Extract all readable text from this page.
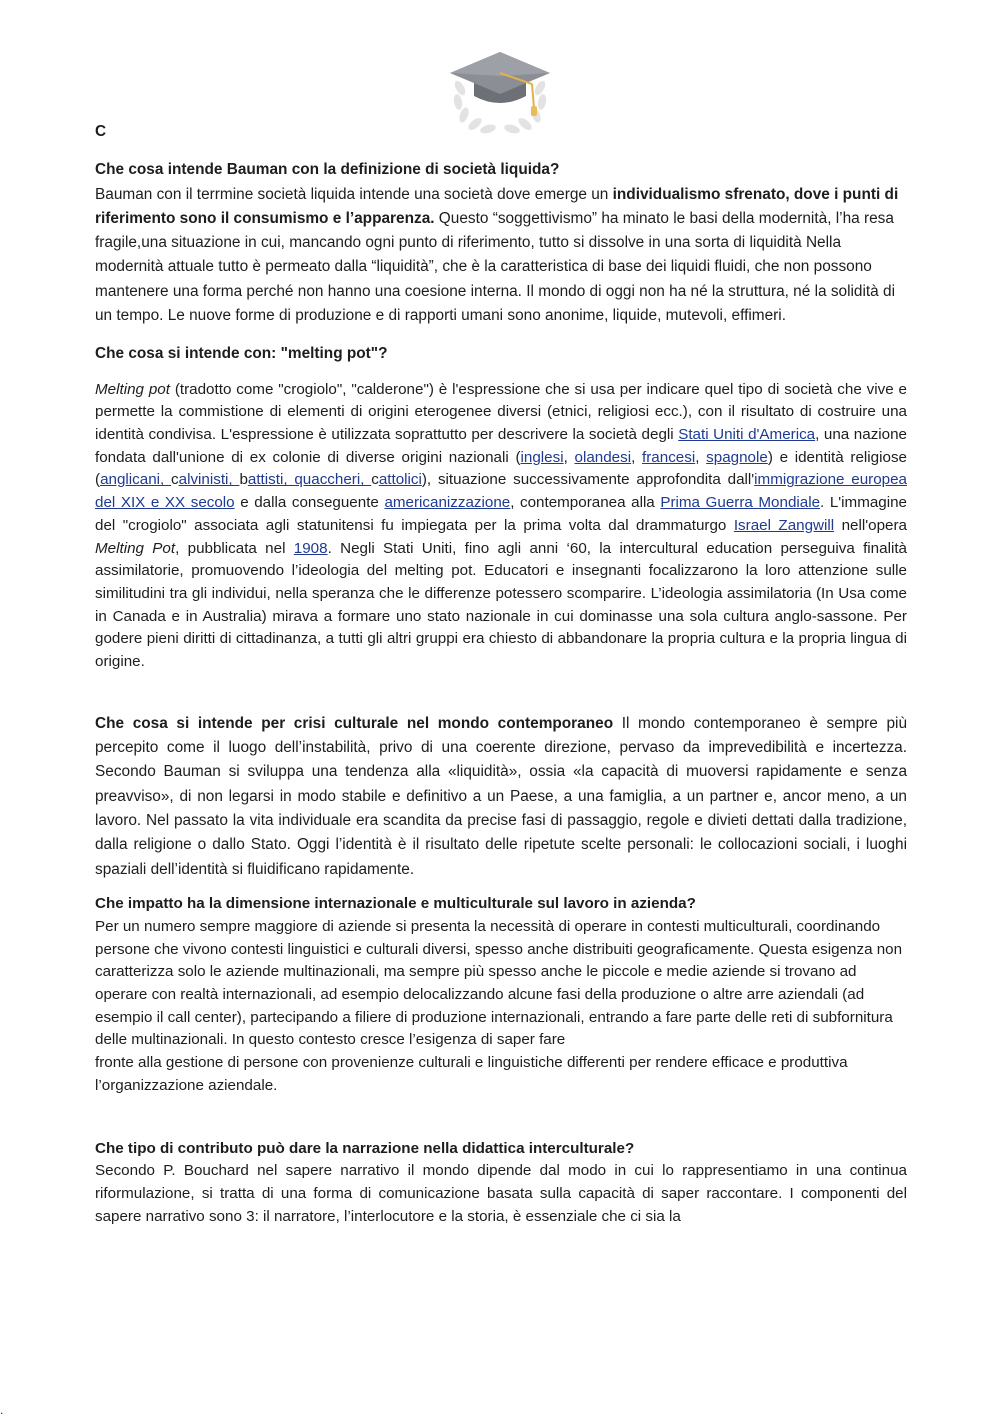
C

Che cosa intende Bauman con la definizione di società liquida?

Bauman con il terrmine società liquida intende una società dove emerge un individualismo sfrenato, dove i punti di riferimento sono il consumismo e l’apparenza. Questo “soggettivismo” ha minato le basi della modernità, l’ha resa fragile,una situazione in cui, mancando ogni punto di riferimento, tutto si dissolve in una sorta di liquidità Nella modernità attuale tutto è permeato dalla “liquidità”, che è la caratteristica di base dei liquidi fluidi, che non possono mantenere una forma perché non hanno una coesione interna. Il mondo di oggi non ha né la struttura, né la solidità di un tempo. Le nuove forme di produzione e di rapporti umani sono anonime, liquide, mutevoli, effimeri.

Che cosa si intende con: "melting pot"?

Melting pot (tradotto come "crogiolo", "calderone") è l'espressione che si usa per indicare quel tipo di società che vive e permette la commistione di elementi di origini eterogenee diversi (etnici, religiosi ecc.), con il risultato di costruire una identità condivisa. L'espressione è utilizzata soprattutto per descrivere la società degli Stati Uniti d'America, una nazione fondata dall'unione di ex colonie di diverse origini nazionali (inglesi, olandesi, francesi, spagnole) e identità religiose (anglicani, calvinisti, battisti, quaccheri, cattolici), situazione successivamente approfondita dall'immigrazione europea del XIX e XX secolo e dalla conseguente americanizzazione, contemporanea alla Prima Guerra Mondiale. L'immagine del "crogiolo" associata agli statunitensi fu impiegata per la prima volta dal drammaturgo Israel Zangwill nell'opera Melting Pot, pubblicata nel 1908. Negli Stati Uniti, fino agli anni ‘60, la intercultural education perseguiva finalità assimilatorie, promuovendo l’ideologia del melting pot. Educatori e insegnanti focalizzarono la loro attenzione sulle similitudini tra gli individui, nella speranza che le differenze potessero scomparire. L’ideologia assimilatoria (In Usa come in Canada e in Australia) mirava a formare uno stato nazionale in cui dominasse una sola cultura anglo-sassone. Per godere pieni diritti di cittadinanza, a tutti gli altri gruppi era chiesto di abbandonare la propria cultura e la propria lingua di origine.

Che cosa si intende per crisi culturale nel mondo contemporaneo Il mondo contemporaneo è sempre più percepito come il luogo dell’instabilità, privo di una coerente direzione, pervaso da imprevedibilità e incertezza. Secondo Bauman si sviluppa una tendenza alla «liquidità», ossia «la capacità di muoversi rapidamente e senza preavviso», di non legarsi in modo stabile e definitivo a un Paese, a una famiglia, a un partner e, ancor meno, a un lavoro. Nel passato la vita individuale era scandita da precise fasi di passaggio, regole e divieti dettati dalla tradizione, dalla religione o dallo Stato. Oggi l’identità è il risultato delle ripetute scelte personali: le collocazioni sociali, i luoghi spaziali dell’identità si fluidificano rapidamente.

Che impatto ha la dimensione internazionale e multiculturale sul lavoro in azienda?

Per un numero sempre maggiore di aziende si presenta la necessità di operare in contesti multiculturali, coordinando persone che vivono contesti linguistici e culturali diversi, spesso anche distribuiti geograficamente. Questa esigenza non caratterizza solo le aziende multinazionali, ma sempre più spesso anche le piccole e medie aziende si trovano ad operare con realtà internazionali, ad esempio delocalizzando alcune fasi della produzione o altre arre aziendali (ad

esempio il call center), partecipando a filiere di produzione internazionali, entrando a fare parte delle reti di subfornitura delle multinazionali. In questo contesto cresce l’esigenza di saper fare

fronte alla gestione di persone con provenienze culturali e linguistiche differenti per rendere efficace e produttiva l’organizzazione aziendale.

Che tipo di contributo può dare la narrazione nella didattica interculturale?

Secondo P. Bouchard nel sapere narrativo il mondo dipende dal modo in cui lo rappresentiamo in una continua riformulazione, si tratta di una forma di comunicazione basata sulla capacità di saper raccontare. I componenti del sapere narrativo sono 3: il narratore, l’interlocutore e la storia, è essenziale che ci sia la

.
